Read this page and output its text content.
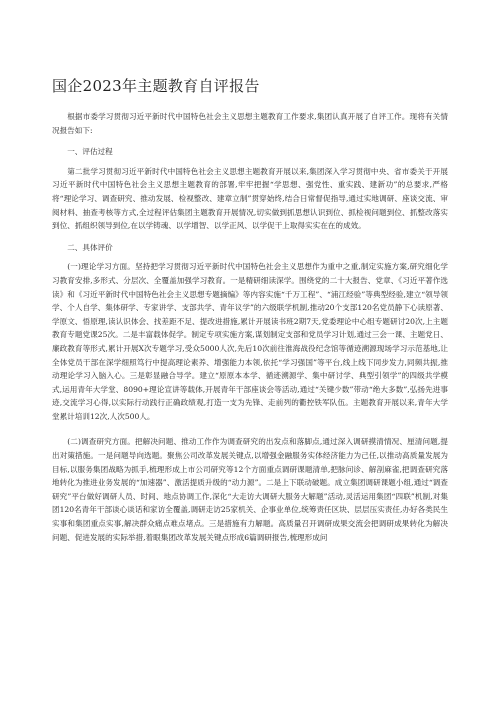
国企2023年主题教育自评报告

根据市委学习贯彻习近平新时代中国特色社会主义思想主题教育工作要求,集团认真开展了自评工作。现将有关情况报告如下:

一、评估过程

第二批学习贯彻习近平新时代中国特色社会主义思想主题教育开展以来,集团深入学习贯彻中央、省市委关于开展习近平新时代中国特色社会主义思想主题教育的部署,牢牢把握“学思想、强党性、重实践、建新功”的总要求,严格将“理论学习、调查研究、推动发展、检视整改、建章立制”贯穿始终,结合日常督促指导,通过实地调研、座谈交流、审阅材料、抽查考核等方式,全过程评估集团主题教育开展情况,切实做到抓思想认识到位、抓检视问题到位、抓整改落实到位、抓组织领导到位,在以学铸魂、以学增智、以学正风、以学促干上取得实实在在的成效。

二、具体评价

(一)理论学习方面。坚持把学习贯彻习近平新时代中国特色社会主义思想作为重中之重,制定实施方案,研究细化学习教育安排,多形式、分层次、全覆盖加强学习教育。一是精研细读深学。围绕党的二十大报告、党章、《习近平著作选读》和《习近平新时代中国特色社会主义思想专题摘编》等内容实施“千万工程”、“浦江经验”等典型经验,建立“领导领学、个人自学、集体研学、专家讲学、支部共学、青年议学”的六级联学机制,推动20个支部120名党员静下心读原著、学原文、悟原理,读认识体会、找差距不足、提改进措施,累计开展读书班2期7天,党委理论中心组专题研讨20次,上主题教育专题党课25次。二是丰富载体促学。制定专项实施方案,谋划制定支部和党员学习计划,通过三会一课、主题党日、廉政教育等形式,累计开展X次专题学习,受众5000人次,先后10次前往淮海战役纪念馆等循迹溯源现场学习示范基地,让全体党员干部在深学细照笃行中提高理论素养、增强能力本领,依托“学习强国”等平台,线上线下同步发力,同频共振,推动理论学习入脑入心。三是彰显融合导学。建立“原原本本学、循迹溯源学、集中研讨学、典型引领学”的四级共学模式,运用青年大学堂、8090+理论宣讲等载体,开展青年干部座谈会等活动,通过“关键少数”带动“绝大多数”,弘扬先进事迹,交流学习心得,以实际行动践行正确政绩观,打造一支为先锋、走前列的衢控铁军队伍。主题教育开展以来,青年大学堂累计培训12次,人次500人。

(二)调查研究方面。把解决问题、推动工作作为调查研究的出发点和落脚点,通过深入调研摸清情况、厘清问题,提出对策措施。一是问题导向选题。聚焦公司改革发展关键点,以增强金融服务实体经济能力为己任,以推动高质量发展为目标,以服务集团战略为抓手,梳理形成上市公司研究等12个方面重点调研课题清单,把脉问诊、解剖麻雀,把调查研究落地转化为推进业务发展的“加速器”、激活提质升级的“动力源”。二是上下联动破题。成立集团调研课题小组,通过“调查研究”平台做好调研人员、时间、地点协调工作,深化“大走访大调研大服务大解题”活动,灵活运用集团“四联”机制,对集团120名青年干部谈心谈话和家访全覆盖,调研走访25家机关、企事业单位,统筹责任区块、层层压实责任,办好各类民生实事和集团重点实事,解决群众痛点难点堵点。三是措施有力解题。高质量召开调研成果交流会把调研成果转化为解决问题、促进发展的实际举措,着眼集团改革发展关键点形成6篇调研报告,梳理形成问
